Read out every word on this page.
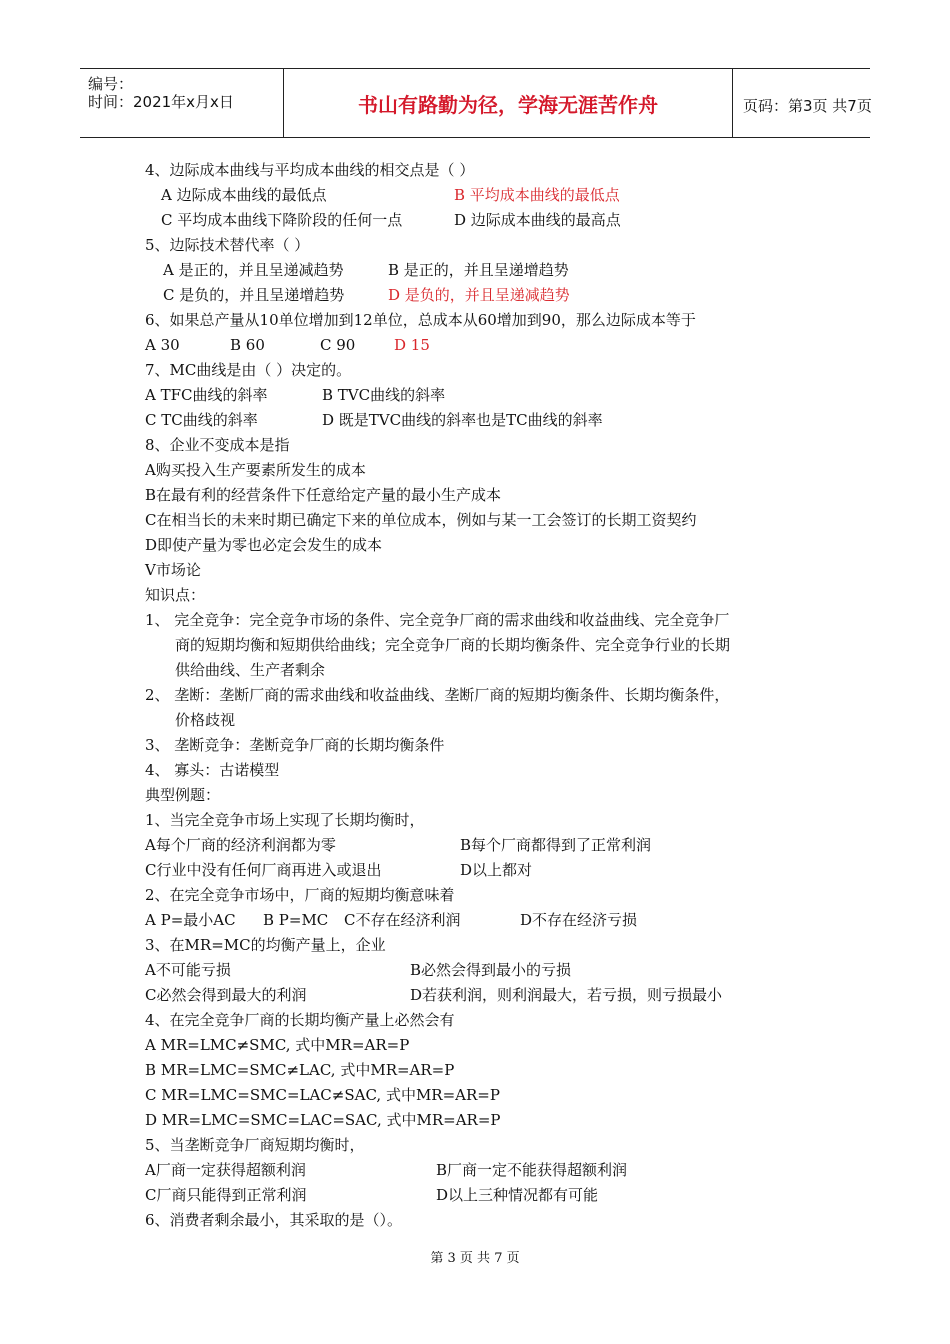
编号：
时间：2021年x月x日	书山有路勤为径，学海无涯苦作舟	页码：第3页 共7页
4、边际成本曲线与平均成本曲线的相交点是（ ）
A 边际成本曲线的最低点	B 平均成本曲线的最低点
C 平均成本曲线下降阶段的任何一点	D 边际成本曲线的最高点
5、边际技术替代率（ ）
A 是正的，并且呈递减趋势	B 是正的，并且呈递增趋势
C 是负的，并且呈递增趋势	D 是负的，并且呈递减趋势
6、如果总产量从10单位增加到12单位，总成本从60增加到90，那么边际成本等于
A 30	B 60	C 90	D 15
7、MC曲线是由（ ）决定的。
A TFC曲线的斜率	B TVC曲线的斜率
C TC曲线的斜率	D 既是TVC曲线的斜率也是TC曲线的斜率
8、企业不变成本是指
A购买投入生产要素所发生的成本
B在最有利的经营条件下任意给定产量的最小生产成本
C在相当长的未来时期已确定下来的单位成本，例如与某一工会签订的长期工资契约
D即使产量为零也必定会发生的成本
Ⅴ市场论
知识点：
1、 完全竞争：完全竞争市场的条件、完全竞争厂商的需求曲线和收益曲线、完全竞争厂
商的短期均衡和短期供给曲线；完全竞争厂商的长期均衡条件、完全竞争行业的长期
供给曲线、生产者剩余
2、 垄断：垄断厂商的需求曲线和收益曲线、垄断厂商的短期均衡条件、长期均衡条件，
价格歧视
3、 垄断竞争：垄断竞争厂商的长期均衡条件
4、 寡头：古诺模型
典型例题：
1、当完全竞争市场上实现了长期均衡时，
A每个厂商的经济利润都为零	B每个厂商都得到了正常利润
C行业中没有任何厂商再进入或退出	D以上都对
2、在完全竞争市场中，厂商的短期均衡意味着
A P=最小AC B P=MC C不存在经济利润	D不存在经济亏损
3、在MR=MC的均衡产量上，企业
A不可能亏损	B必然会得到最小的亏损
C必然会得到最大的利润	D若获利润，则利润最大，若亏损，则亏损最小
4、在完全竞争厂商的长期均衡产量上必然会有
A MR=LMC≠SMC, 式中MR=AR=P
B MR=LMC=SMC≠LAC, 式中MR=AR=P
C MR=LMC=SMC=LAC≠SAC, 式中MR=AR=P
D MR=LMC=SMC=LAC=SAC, 式中MR=AR=P
5、当垄断竞争厂商短期均衡时，
A厂商一定获得超额利润	B厂商一定不能获得超额利润
C厂商只能得到正常利润	D以上三种情况都有可能
6、消费者剩余最小，其采取的是（）。
第 3 页 共 7 页
